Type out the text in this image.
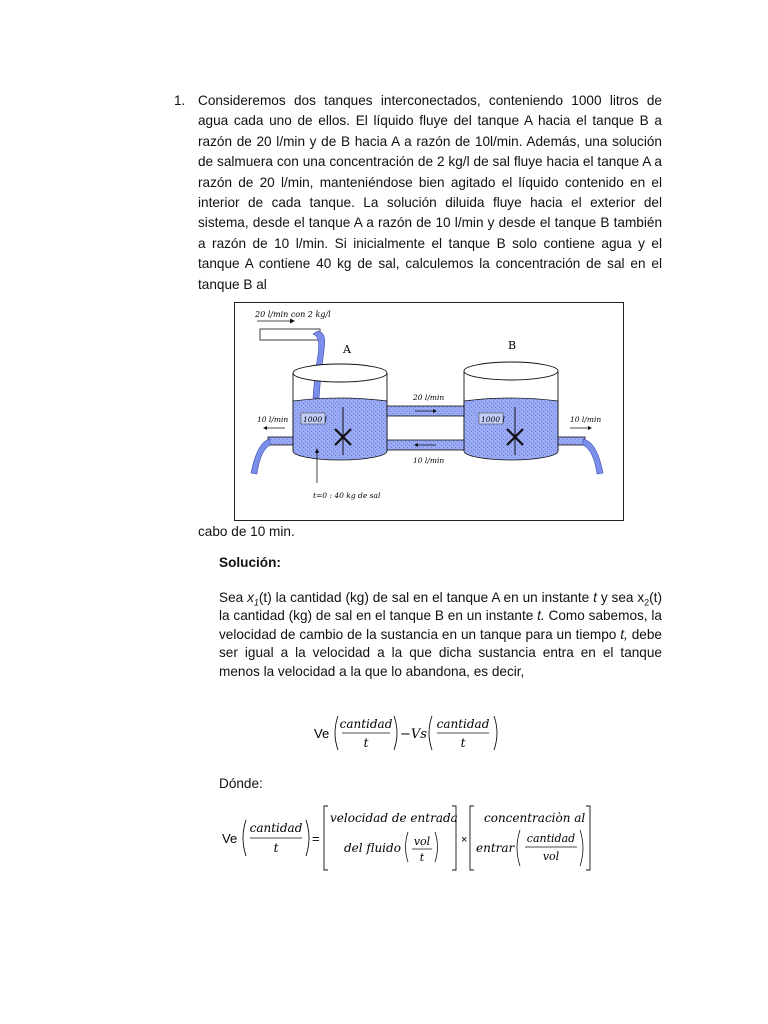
1. Consideremos dos tanques interconectados, conteniendo 1000 litros de agua cada uno de ellos. El líquido fluye del tanque A hacia el tanque B a razón de 20 l/min y de B hacia A a razón de 10l/min. Además, una solución de salmuera con una concentración de 2 kg/l de sal fluye hacia el tanque A a razón de 20 l/min, manteniéndose bien agitado el líquido contenido en el interior de cada tanque. La solución diluida fluye hacia el exterior del sistema, desde el tanque A a razón de 10 l/min y desde el tanque B también a razón de 10 l/min. Si inicialmente el tanque B solo contiene agua y el tanque A contiene 40 kg de sal, calculemos la concentración de sal en el tanque B al
20 l/min con 2 kg/l
A
1000 l
B
1000 l
20 l/min
10 l/min
10 l/min	10 l/min
t=0 : 40 kg de sal
cabo de 10 min.
Solución:
Sea $x_1(t)$ la cantidad (kg) de sal en el tanque A en un instante t y sea $x_2(t)$ la cantidad (kg) de sal en el tanque B en un instante t. Como sabemos, la velocidad de cambio de la sustancia en un tanque para un tiempo t, debe ser igual a la velocidad a la que dicha sustancia entra en el tanque menos la velocidad a la que lo abandona, es decir,
Ve
cantidad
t
−Vs
cantidad
t
Dónde:
Ve
cantidad
t
=
velocidad de entrada
del fluido vol
t
×
concentraciòn al
entrar
cantidad
vol
